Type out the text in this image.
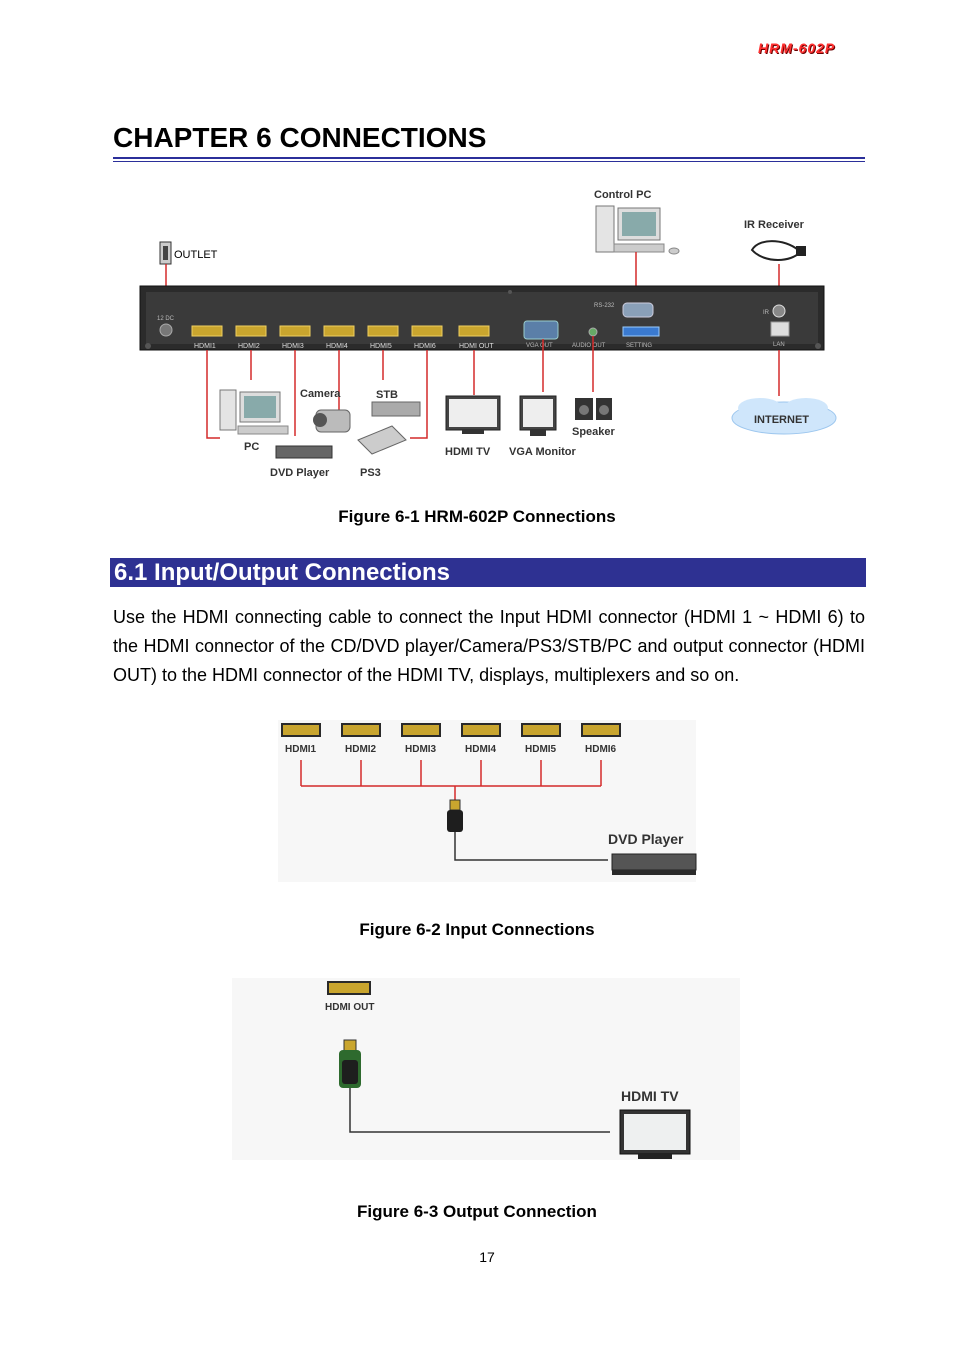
HRM-602P
CHAPTER 6 CONNECTIONS
OUTLET
Control PC
IR Receiver
12 DC
HDMI1	HDMI2	HDMI3	HDMI4	HDMI5	HDMI6	HDMI OUT	VGA OUT	AUDIO OUT	SETTING
RS-232
IR
LAN
PC
Camera	STB
DVD Player	PS3
HDMI TV VGA Monitor
Speaker
INTERNET
Figure 6-1 HRM-602P Connections
6.1 Input/Output Connections
Use the HDMI connecting cable to connect the Input HDMI connector (HDMI 1 ~ HDMI 6) to the HDMI connector of the CD/DVD player/Camera/PS3/STB/PC and output connector (HDMI OUT) to the HDMI connector of the HDMI TV, displays, multiplexers and so on.
HDMI1	HDMI2	HDMI3	HDMI4	HDMI5	HDMI6
DVD Player
Figure 6-2 Input Connections
HDMI OUT
HDMI TV
Figure 6-3 Output Connection
17
